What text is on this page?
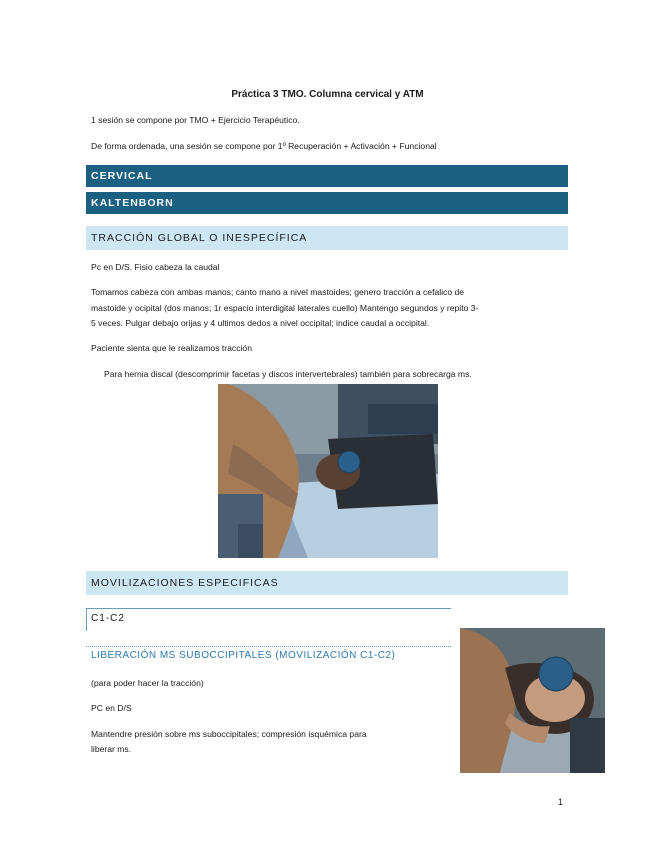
Práctica 3 TMO. Columna cervical y ATM
1 sesión se compone por TMO + Ejercicio Terapéutico.
De forma ordenada, una sesión se compone por 1º Recuperación + Activación + Funcional
CERVICAL
KALTENBORN
TRACCIÓN GLOBAL O INESPECÍFICA
Pc en D/S. Fisio cabeza la caudal
Tomamos cabeza con ambas manos; canto mano a nivel mastoides; genero tracción a cefalico de
mastoide y ocipital (dos manos; 1r espacio interdigital laterales cuello) Mantengo segundos y repito 3-
5 veces. Pulgar debajo orijas y 4 ultimos dedos a nivel occipital; indice caudal a occipital.
Paciente sienta que le realizamos tracción
Para hernia discal (descomprimir facetas y discos intervertebrales) también para sobrecarga ms.
MOVILIZACIONES ESPECIFICAS
C1-C2
LIBERACIÓN MS SUBOCCIPITALES (MOVILIZACIÓN C1-C2)
(para poder hacer la tracción)
PC en D/S
Mantendre presión sobre ms suboccipitales; compresión isquémica para
liberar ms.
1
